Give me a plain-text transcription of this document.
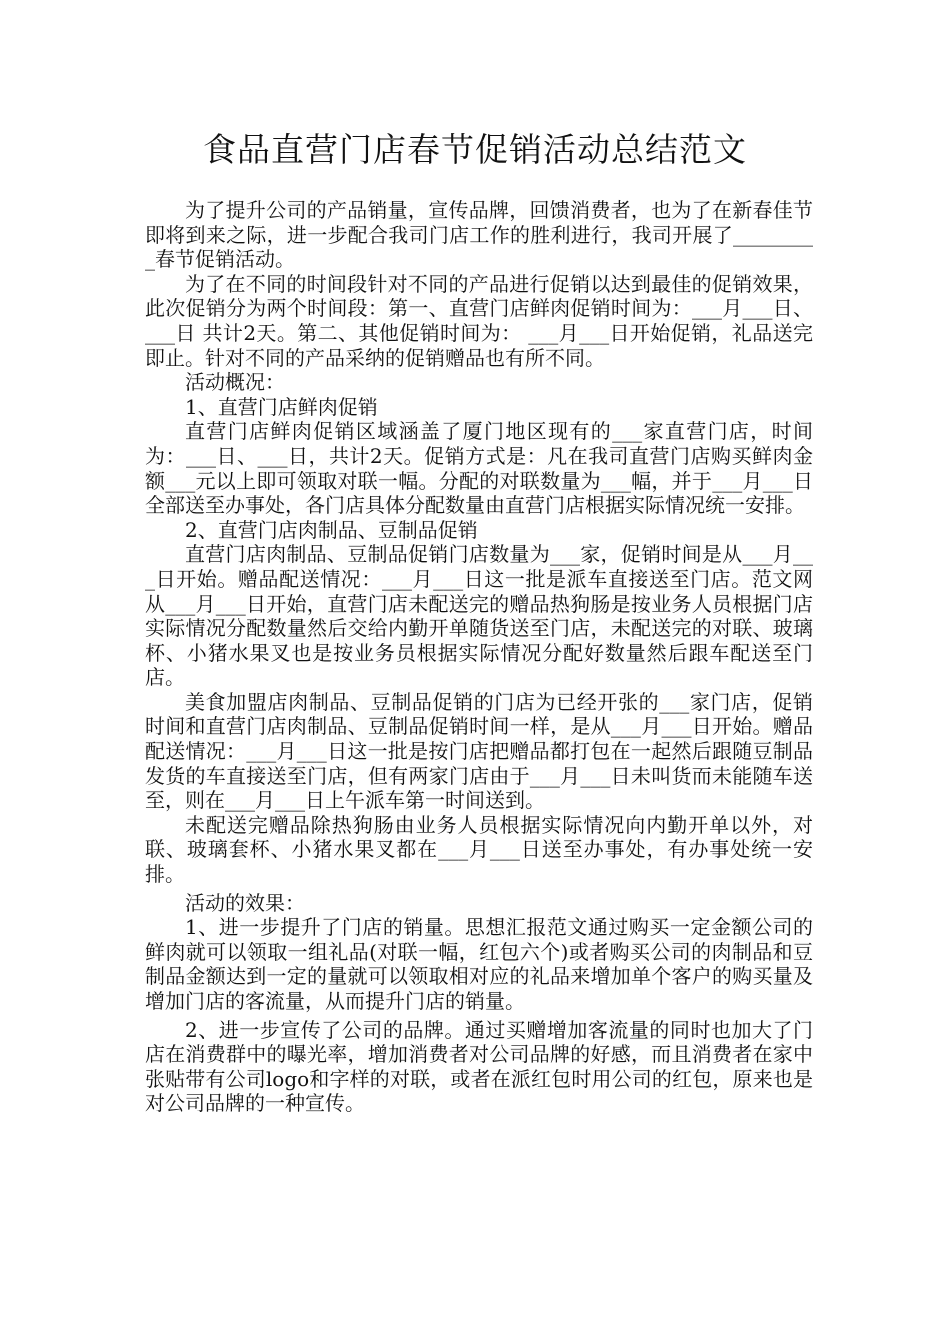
食品直营门店春节促销活动总结范文

为了提升公司的产品销量，宣传品牌，回馈消费者，也为了在新春佳节即将到来之际，进一步配合我司门店工作的胜利进行，我司开展了_________春节促销活动。

为了在不同的时间段针对不同的产品进行促销以达到最佳的促销效果，此次促销分为两个时间段：第一、直营门店鲜肉促销时间为：___月___日、___日 共计2天。第二、其他促销时间为： ___月___日开始促销，礼品送完即止。针对不同的产品采纳的促销赠品也有所不同。

活动概况：

1、直营门店鲜肉促销

直营门店鲜肉促销区域涵盖了厦门地区现有的___家直营门店，时间为：___日、___日，共计2天。促销方式是：凡在我司直营门店购买鲜肉金额___元以上即可领取对联一幅。分配的对联数量为___幅，并于___月___日全部送至办事处，各门店具体分配数量由直营门店根据实际情况统一安排。

2、直营门店肉制品、豆制品促销

直营门店肉制品、豆制品促销门店数量为___家，促销时间是从___月___日开始。赠品配送情况：___月___日这一批是派车直接送至门店。范文网从___月___日开始，直营门店未配送完的赠品热狗肠是按业务人员根据门店实际情况分配数量然后交给内勤开单随货送至门店，未配送完的对联、玻璃杯、小猪水果叉也是按业务员根据实际情况分配好数量然后跟车配送至门店。

美食加盟店肉制品、豆制品促销的门店为已经开张的___家门店，促销时间和直营门店肉制品、豆制品促销时间一样，是从___月___日开始。赠品配送情况：___月___日这一批是按门店把赠品都打包在一起然后跟随豆制品发货的车直接送至门店，但有两家门店由于___月___日未叫货而未能随车送至，则在___月___日上午派车第一时间送到。

未配送完赠品除热狗肠由业务人员根据实际情况向内勤开单以外，对联、玻璃套杯、小猪水果叉都在___月___日送至办事处，有办事处统一安排。

活动的效果：

1、进一步提升了门店的销量。思想汇报范文通过购买一定金额公司的鲜肉就可以领取一组礼品(对联一幅，红包六个)或者购买公司的肉制品和豆制品金额达到一定的量就可以领取相对应的礼品来增加单个客户的购买量及增加门店的客流量，从而提升门店的销量。

2、进一步宣传了公司的品牌。通过买赠增加客流量的同时也加大了门店在消费群中的曝光率，增加消费者对公司品牌的好感，而且消费者在家中张贴带有公司logo和字样的对联，或者在派红包时用公司的红包，原来也是对公司品牌的一种宣传。
